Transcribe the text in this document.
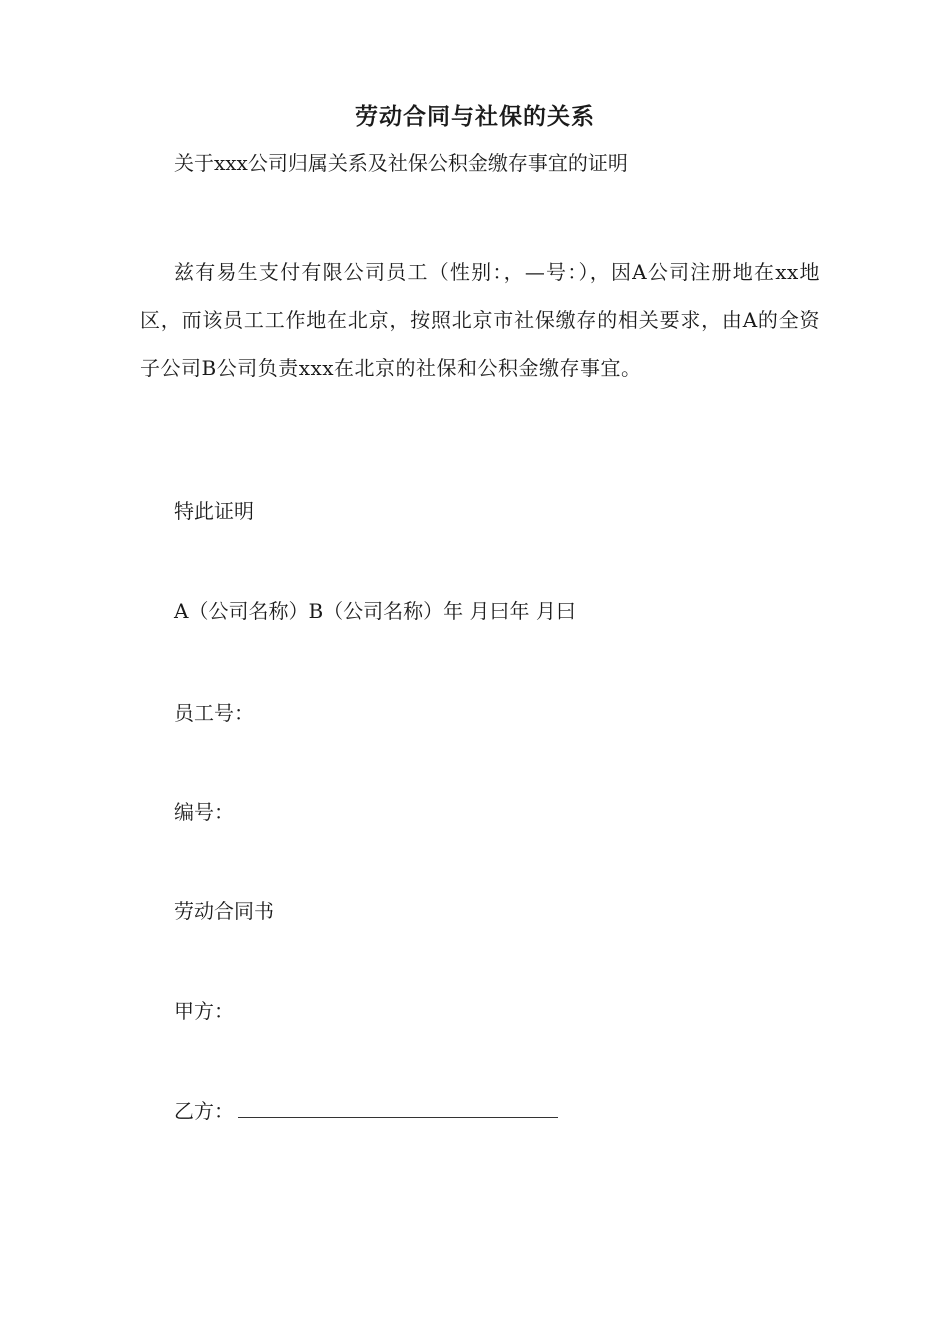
劳动合同与社保的关系
关于xxx公司归属关系及社保公积金缴存事宜的证明
兹有易生支付有限公司员工（性别：，—号：），因A公司注册地在xx地区，而该员工工作地在北京，按照北京市社保缴存的相关要求，由A的全资子公司B公司负责xxx在北京的社保和公积金缴存事宜。
特此证明
A（公司名称）B（公司名称）年 月曰年 月曰
员工号：
编号：
劳动合同书
甲方：
乙方：
